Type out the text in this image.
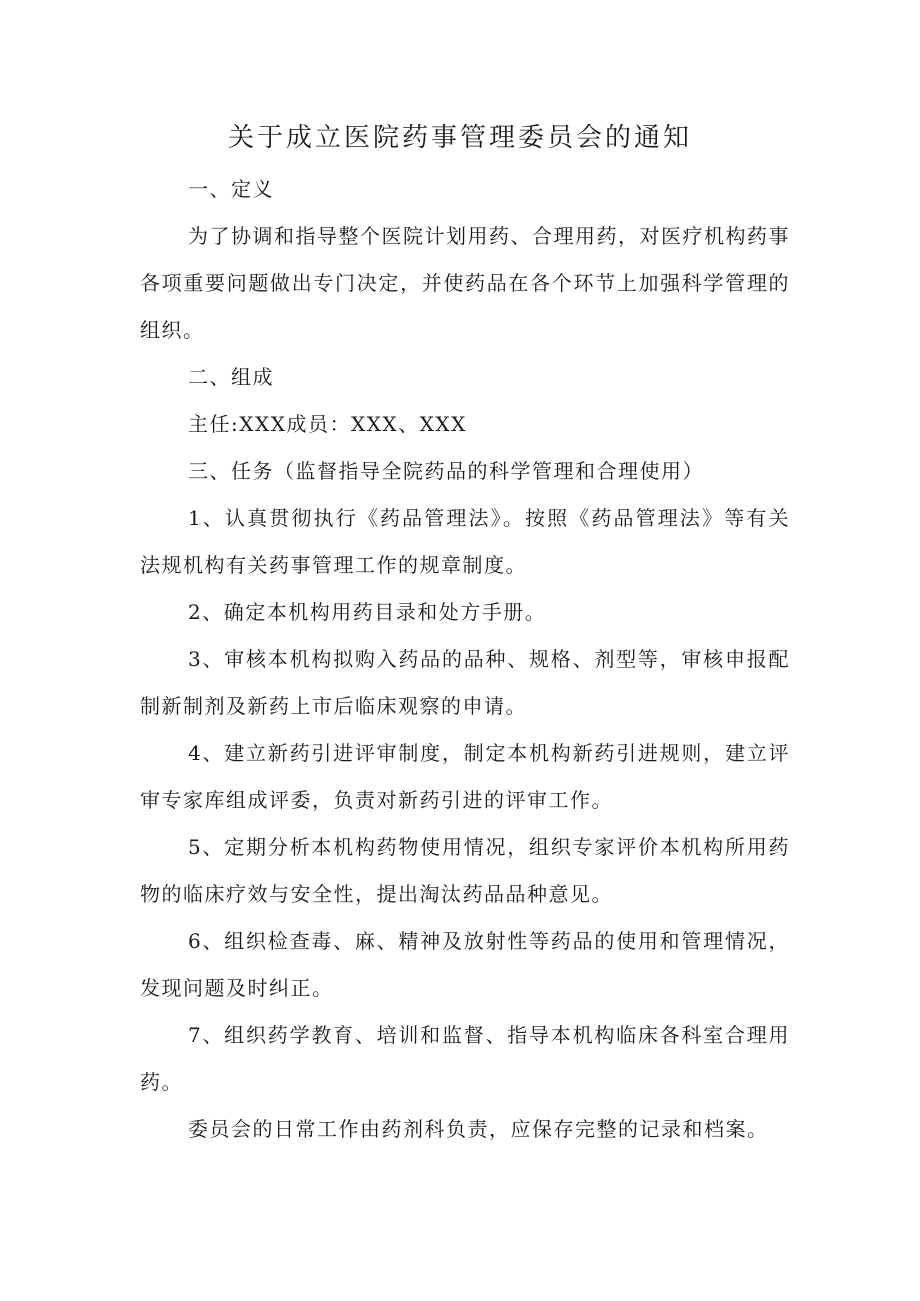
关于成立医院药事管理委员会的通知

一、定义

为了协调和指导整个医院计划用药、合理用药，对医疗机构药事各项重要问题做出专门决定，并使药品在各个环节上加强科学管理的组织。

二、组成

主任:XXX成员：XXX、XXX

三、任务（监督指导全院药品的科学管理和合理使用）

1、认真贯彻执行《药品管理法》。按照《药品管理法》等有关法规机构有关药事管理工作的规章制度。

2、确定本机构用药目录和处方手册。

3、审核本机构拟购入药品的品种、规格、剂型等，审核申报配制新制剂及新药上市后临床观察的申请。

4、建立新药引进评审制度，制定本机构新药引进规则，建立评审专家库组成评委，负责对新药引进的评审工作。

5、定期分析本机构药物使用情况，组织专家评价本机构所用药物的临床疗效与安全性，提出淘汰药品品种意见。

6、组织检查毒、麻、精神及放射性等药品的使用和管理情况，发现问题及时纠正。

7、组织药学教育、培训和监督、指导本机构临床各科室合理用药。

委员会的日常工作由药剂科负责，应保存完整的记录和档案。
